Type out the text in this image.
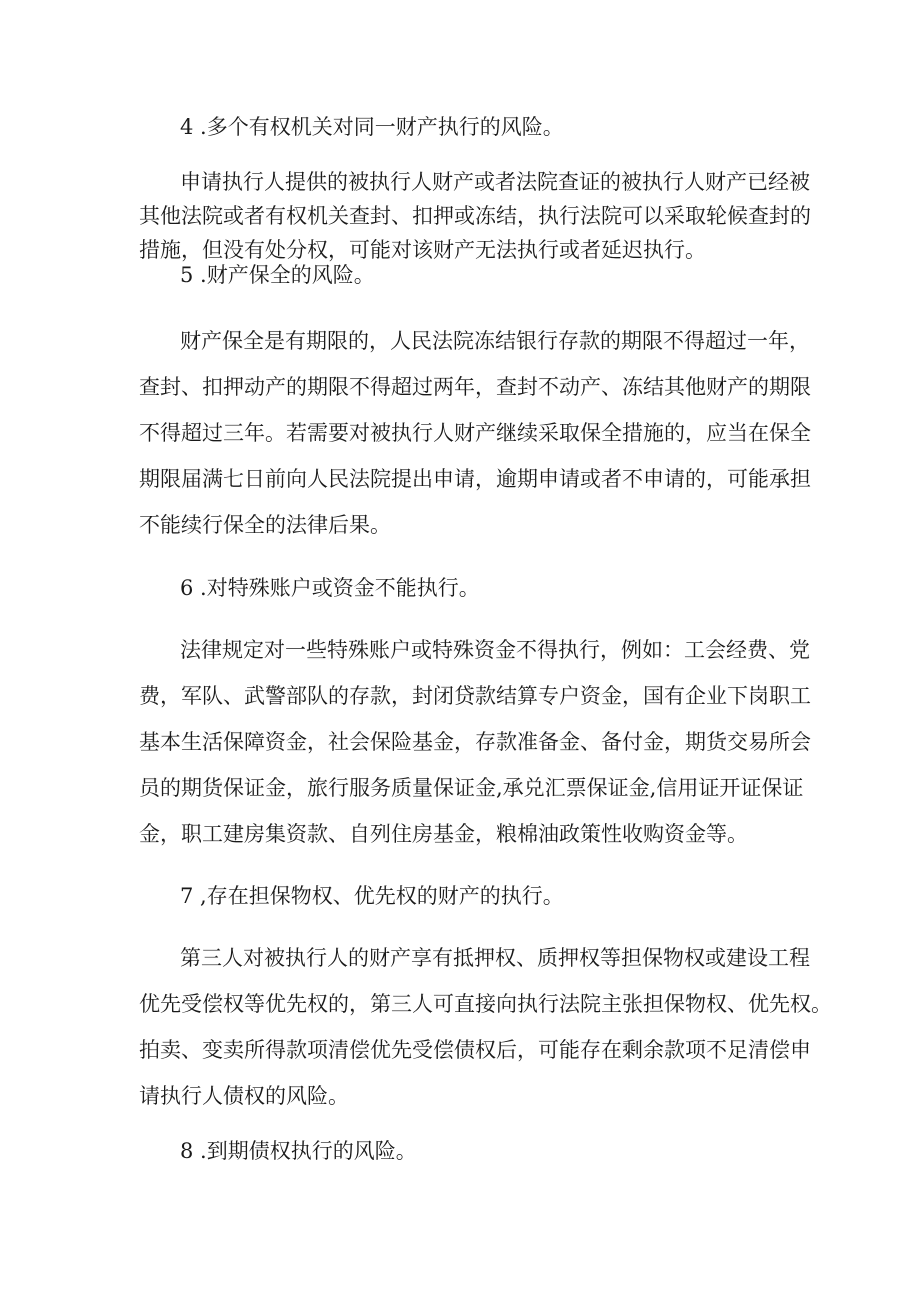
4 .多个有权机关对同一财产执行的风险。
申请执行人提供的被执行人财产或者法院查证的被执行人财产已经被
其他法院或者有权机关查封、扣押或冻结，执行法院可以采取轮候查封的
措施，但没有处分权，可能对该财产无法执行或者延迟执行。
5 .财产保全的风险。
财产保全是有期限的，人民法院冻结银行存款的期限不得超过一年，
查封、扣押动产的期限不得超过两年，查封不动产、冻结其他财产的期限
不得超过三年。若需要对被执行人财产继续采取保全措施的，应当在保全
期限届满七日前向人民法院提出申请，逾期申请或者不申请的，可能承担
不能续行保全的法律后果。
6 .对特殊账户或资金不能执行。
法律规定对一些特殊账户或特殊资金不得执行，例如：工会经费、党
费，军队、武警部队的存款，封闭贷款结算专户资金，国有企业下岗职工
基本生活保障资金，社会保险基金，存款准备金、备付金，期货交易所会
员的期货保证金，旅行服务质量保证金,承兑汇票保证金,信用证开证保证
金，职工建房集资款、自列住房基金，粮棉油政策性收购资金等。
7 ,存在担保物权、优先权的财产的执行。
第三人对被执行人的财产享有抵押权、质押权等担保物权或建设工程
优先受偿权等优先权的，第三人可直接向执行法院主张担保物权、优先权。
拍卖、变卖所得款项清偿优先受偿债权后，可能存在剩余款项不足清偿申
请执行人债权的风险。
8 .到期债权执行的风险。
